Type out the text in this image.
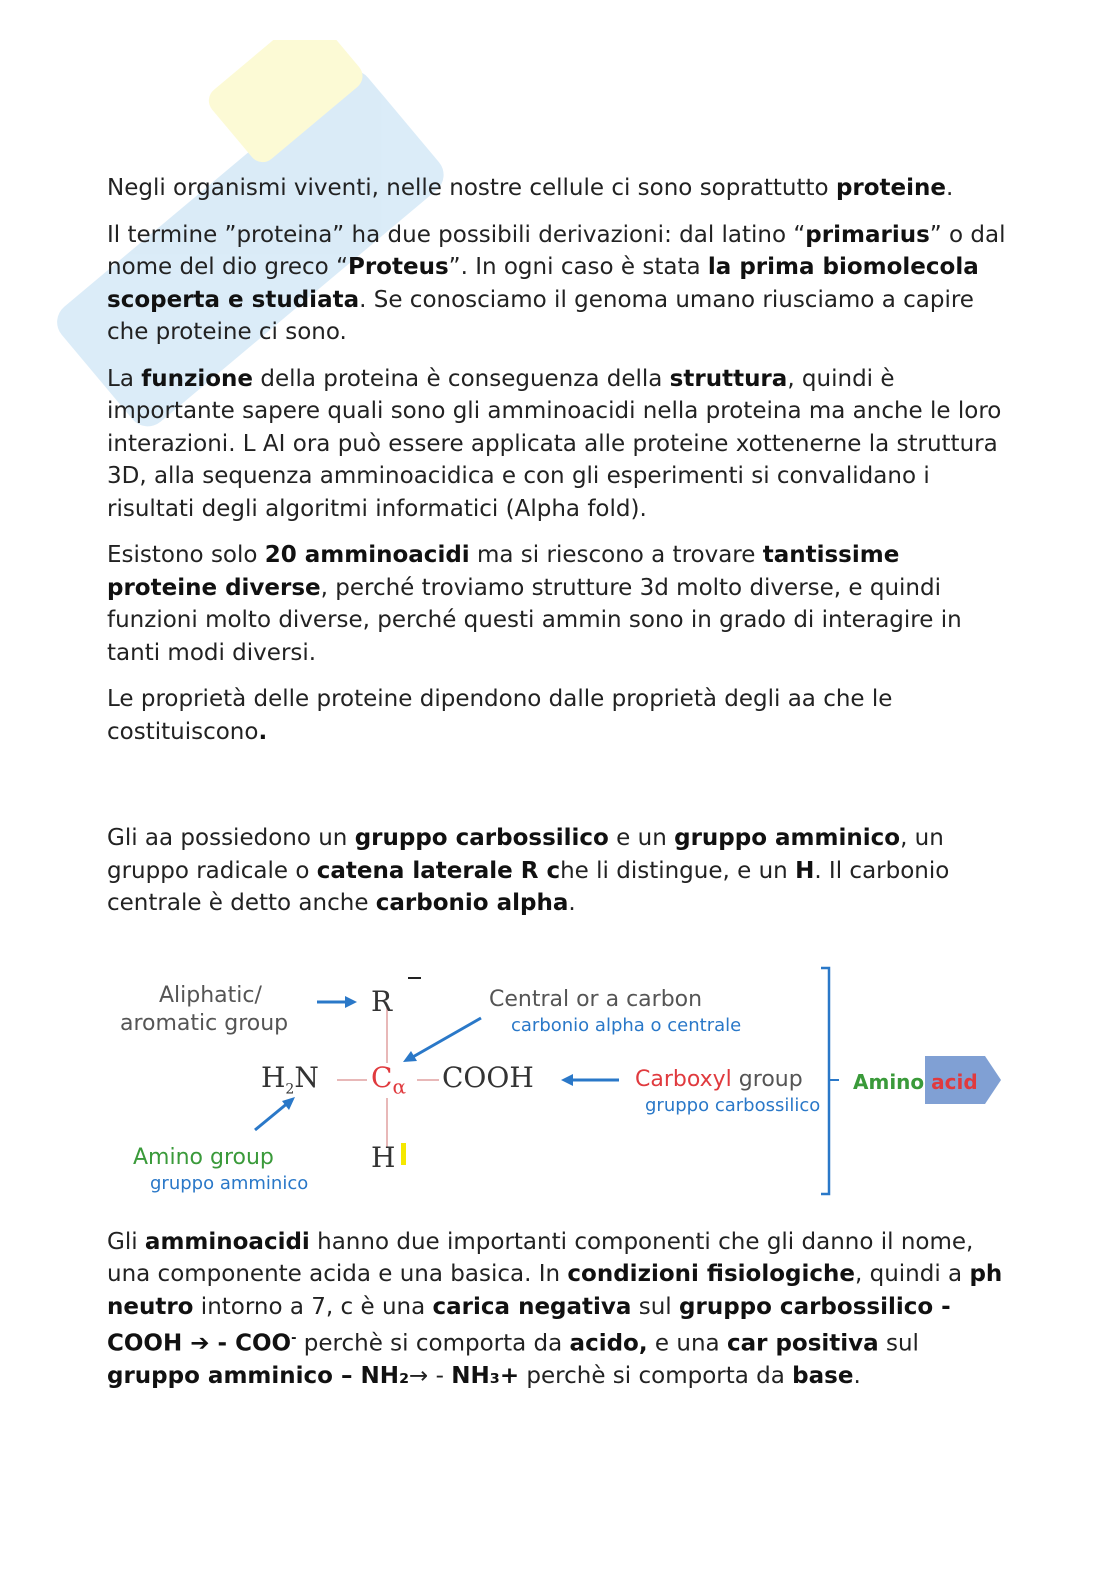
Negli organismi viventi, nelle nostre cellule ci sono soprattutto proteine.

Il termine ”proteina” ha due possibili derivazioni: dal latino “primarius” o dal nome del dio greco “Proteus”. In ogni caso è stata la prima biomolecola scoperta e studiata. Se conosciamo il genoma umano riusciamo a capire che proteine ci sono.

La funzione della proteina è conseguenza della struttura, quindi è importante sapere quali sono gli amminoacidi nella proteina ma anche le loro interazioni. L AI ora può essere applicata alle proteine xottenerne la struttura 3D, alla sequenza amminoacidica e con gli esperimenti si convalidano i risultati degli algoritmi informatici (Alpha fold).

Esistono solo 20 amminoacidi ma si riescono a trovare tantissime proteine diverse, perché troviamo strutture 3d molto diverse, e quindi funzioni molto diverse, perché questi ammin sono in grado di interagire in tanti modi diversi.

Le proprietà delle proteine dipendono dalle proprietà degli aa che le costituiscono.

Gli aa possiedono un gruppo carbossilico e un gruppo amminico, un gruppo radicale o catena laterale R che li distingue, e un H. Il carbonio centrale è detto anche carbonio alpha.

Aliphatic/
aromatic group
R	Central or a carbon
carbonio alpha o centrale
$H_2N$ $C_\alpha$ COOH	Carboxyl group
gruppo carbossilico
Amino acid
Amino group
gruppo amminico
H

Gli amminoacidi hanno due importanti componenti che gli danno il nome, una componente acida e una basica. In condizioni fisiologiche, quindi a ph neutro intorno a 7, c è una carica negativa sul gruppo carbossilico - COOH ➔ - COO- perchè si comporta da acido, e una car positiva sul gruppo amminico – NH₂→ - NH₃+ perchè si comporta da base.
